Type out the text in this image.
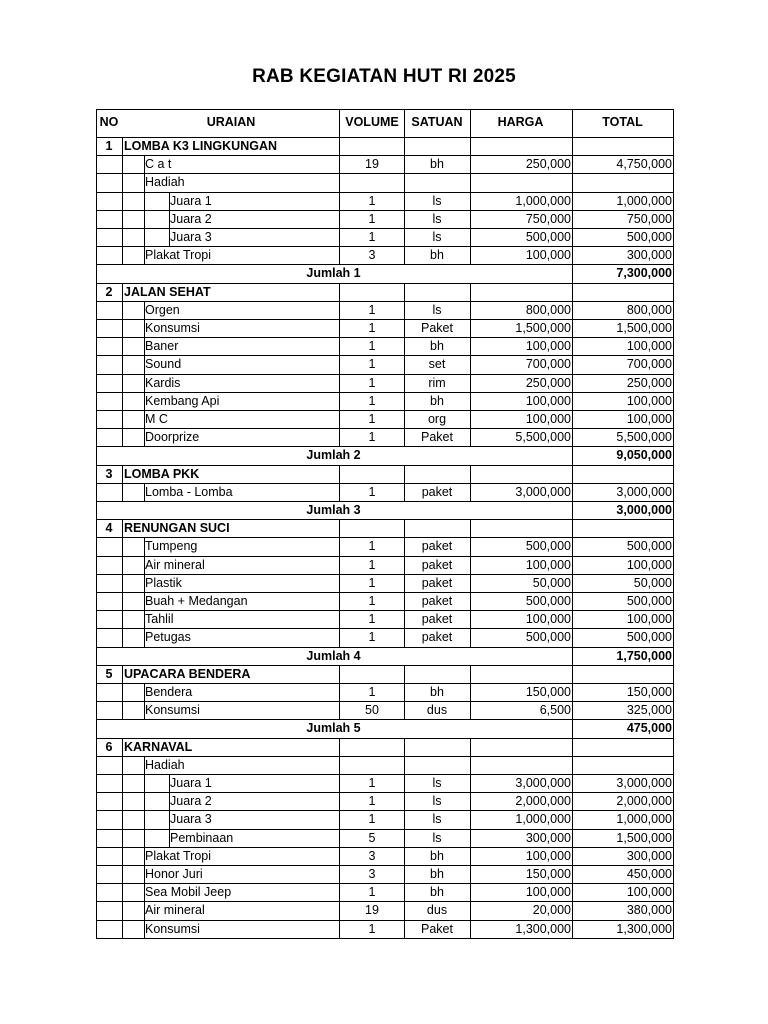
RAB KEGIATAN HUT RI 2025
NO	URAIAN	VOLUME	SATUAN	HARGA	TOTAL
1 LOMBA K3 LINGKUNGAN
C a t	19	bh	250,000	4,750,000
Hadiah
Juara 1	1	ls	1,000,000	1,000,000
Juara 2	1	ls	750,000	750,000
Juara 3	1	ls	500,000	500,000
Plakat Tropi	3	bh	100,000	300,000
Jumlah 1	7,300,000
2 JALAN SEHAT
Orgen	1	ls	800,000	800,000
Konsumsi	1	Paket	1,500,000	1,500,000
Baner	1	bh	100,000	100,000
Sound	1	set	700,000	700,000
Kardis	1	rim	250,000	250,000
Kembang Api	1	bh	100,000	100,000
M C	1	org	100,000	100,000
Doorprize	1	Paket	5,500,000	5,500,000
Jumlah 2	9,050,000
3 LOMBA PKK
Lomba - Lomba	1	paket	3,000,000	3,000,000
Jumlah 3	3,000,000
4 RENUNGAN SUCI
Tumpeng	1	paket	500,000	500,000
Air mineral	1	paket	100,000	100,000
Plastik	1	paket	50,000	50,000
Buah + Medangan	1	paket	500,000	500,000
Tahlil	1	paket	100,000	100,000
Petugas	1	paket	500,000	500,000
Jumlah 4	1,750,000
5 UPACARA BENDERA
Bendera	1	bh	150,000	150,000
Konsumsi	50	dus	6,500	325,000
Jumlah 5	475,000
6 KARNAVAL
Hadiah
Juara 1	1	ls	3,000,000	3,000,000
Juara 2	1	ls	2,000,000	2,000,000
Juara 3	1	ls	1,000,000	1,000,000
Pembinaan	5	ls	300,000	1,500,000
Plakat Tropi	3	bh	100,000	300,000
Honor Juri	3	bh	150,000	450,000
Sea Mobil Jeep	1	bh	100,000	100,000
Air mineral	19	dus	20,000	380,000
Konsumsi	1	Paket	1,300,000	1,300,000
